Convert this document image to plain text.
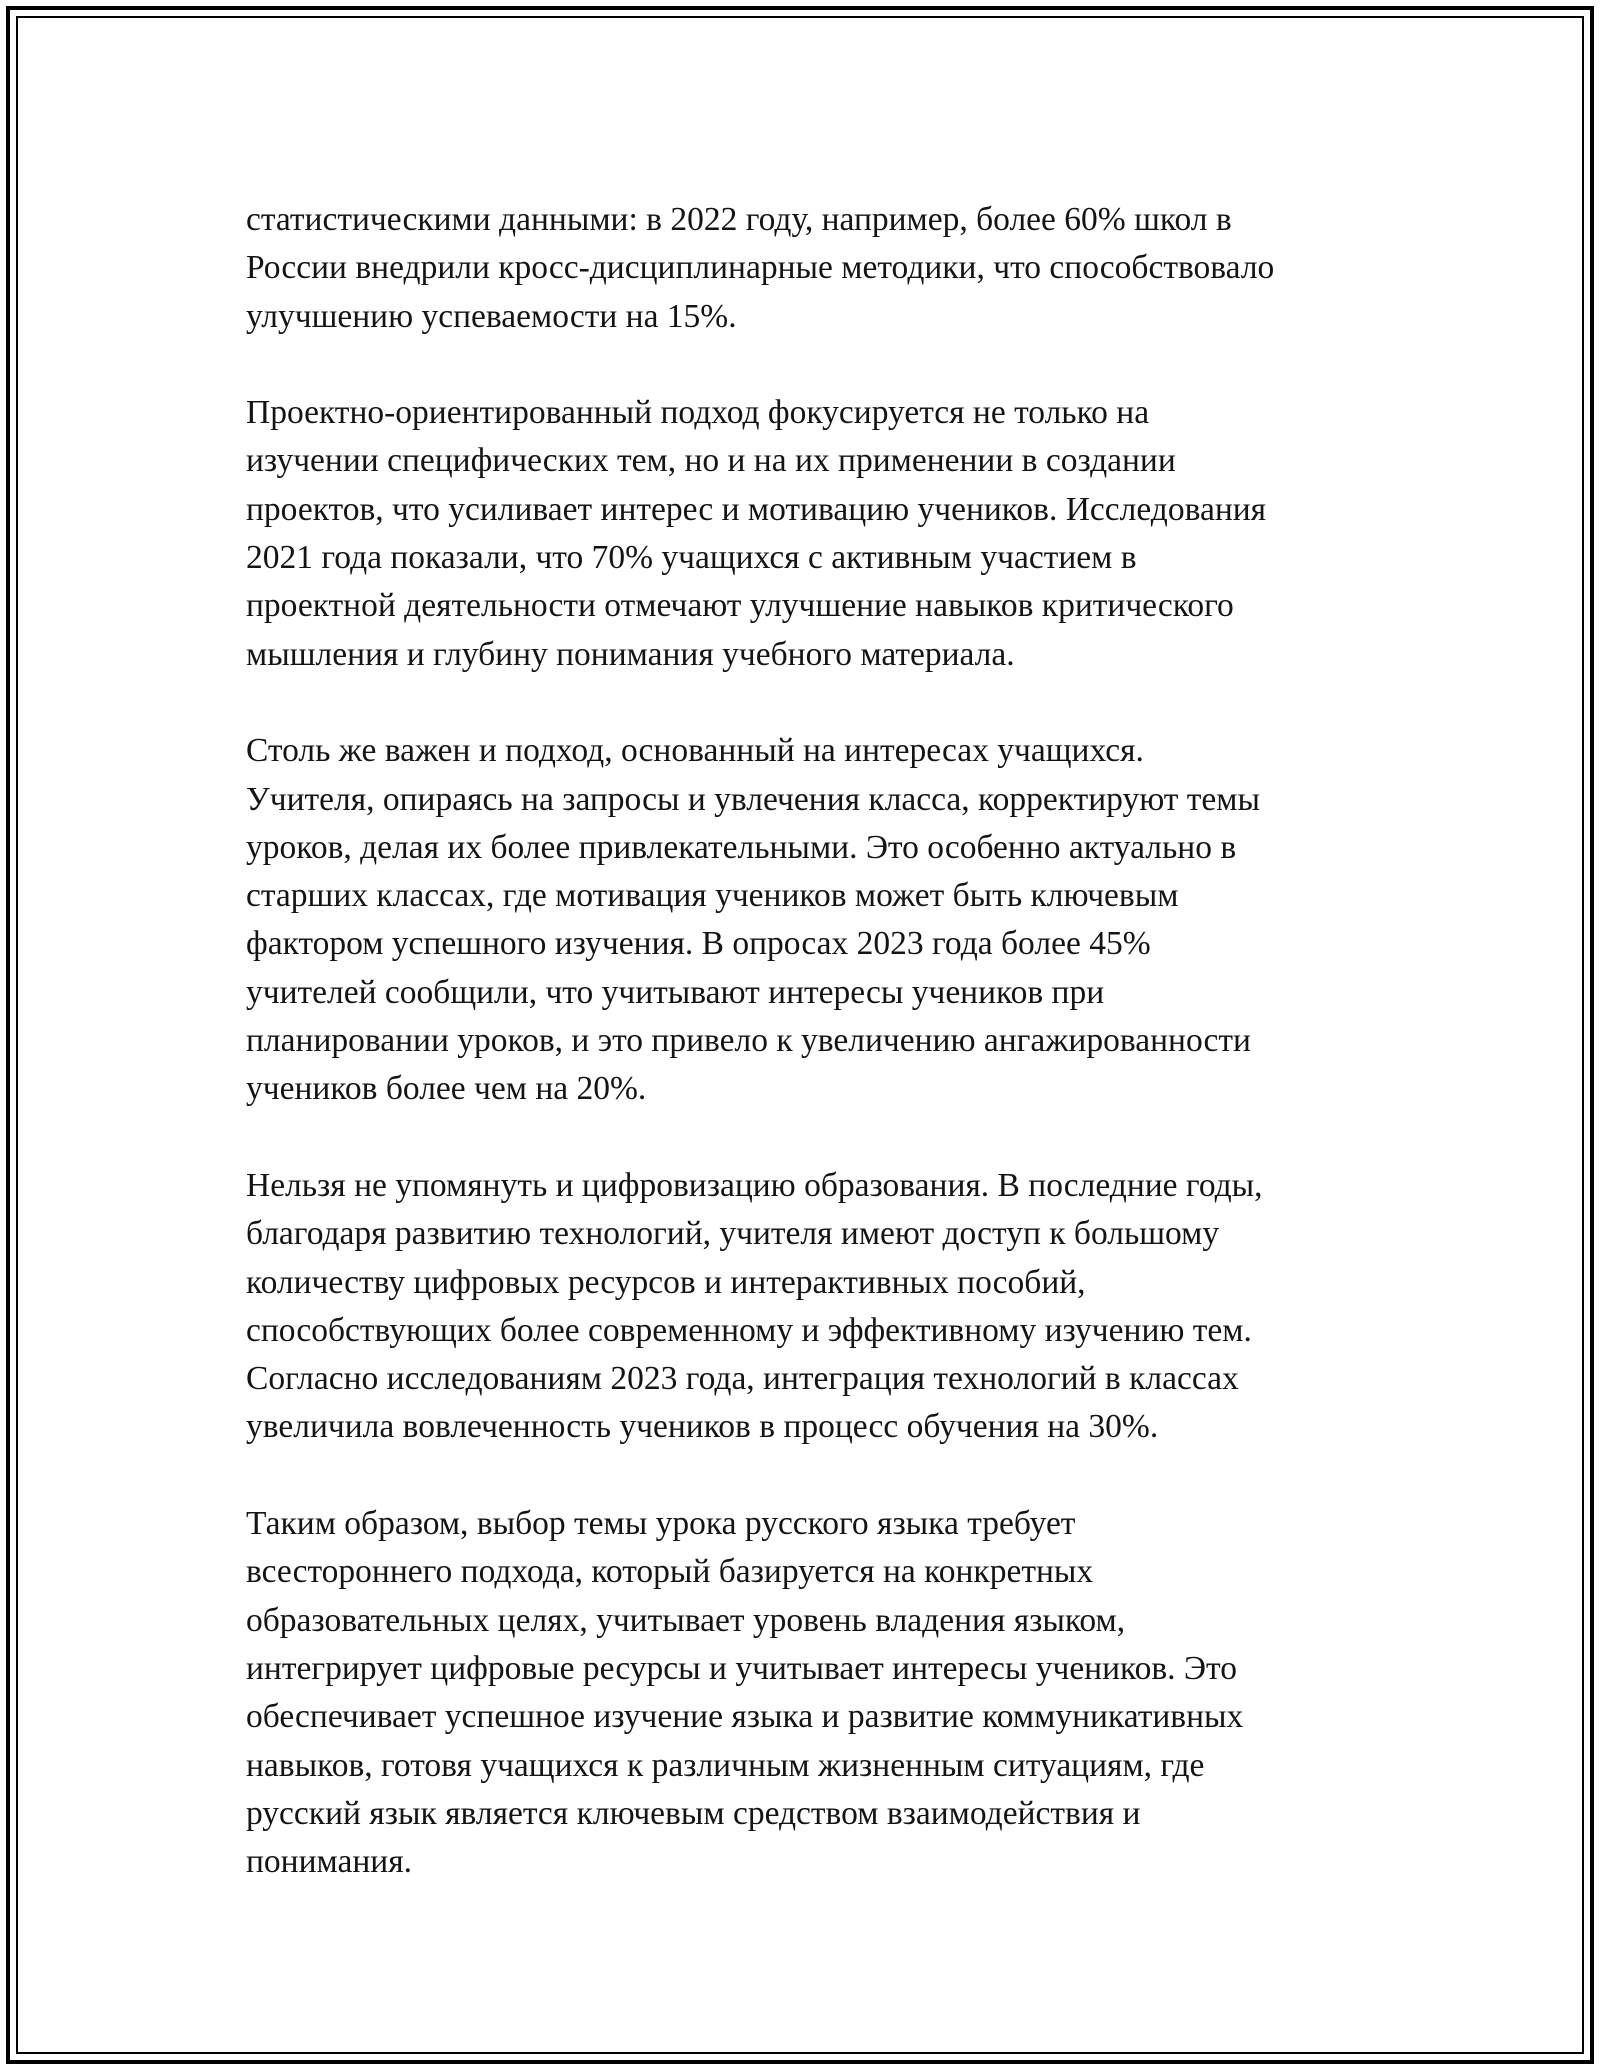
статистическими данными: в 2022 году, например, более 60% школ в
России внедрили кросс-дисциплинарные методики, что способствовало
улучшению успеваемости на 15%.

Проектно-ориентированный подход фокусируется не только на
изучении специфических тем, но и на их применении в создании
проектов, что усиливает интерес и мотивацию учеников. Исследования
2021 года показали, что 70% учащихся с активным участием в
проектной деятельности отмечают улучшение навыков критического
мышления и глубину понимания учебного материала.

Столь же важен и подход, основанный на интересах учащихся.
Учителя, опираясь на запросы и увлечения класса, корректируют темы
уроков, делая их более привлекательными. Это особенно актуально в
старших классах, где мотивация учеников может быть ключевым
фактором успешного изучения. В опросах 2023 года более 45%
учителей сообщили, что учитывают интересы учеников при
планировании уроков, и это привело к увеличению ангажированности
учеников более чем на 20%.

Нельзя не упомянуть и цифровизацию образования. В последние годы,
благодаря развитию технологий, учителя имеют доступ к большому
количеству цифровых ресурсов и интерактивных пособий,
способствующих более современному и эффективному изучению тем.
Согласно исследованиям 2023 года, интеграция технологий в классах
увеличила вовлеченность учеников в процесс обучения на 30%.

Таким образом, выбор темы урока русского языка требует
всестороннего подхода, который базируется на конкретных
образовательных целях, учитывает уровень владения языком,
интегрирует цифровые ресурсы и учитывает интересы учеников. Это
обеспечивает успешное изучение языка и развитие коммуникативных
навыков, готовя учащихся к различным жизненным ситуациям, где
русский язык является ключевым средством взаимодействия и
понимания.
